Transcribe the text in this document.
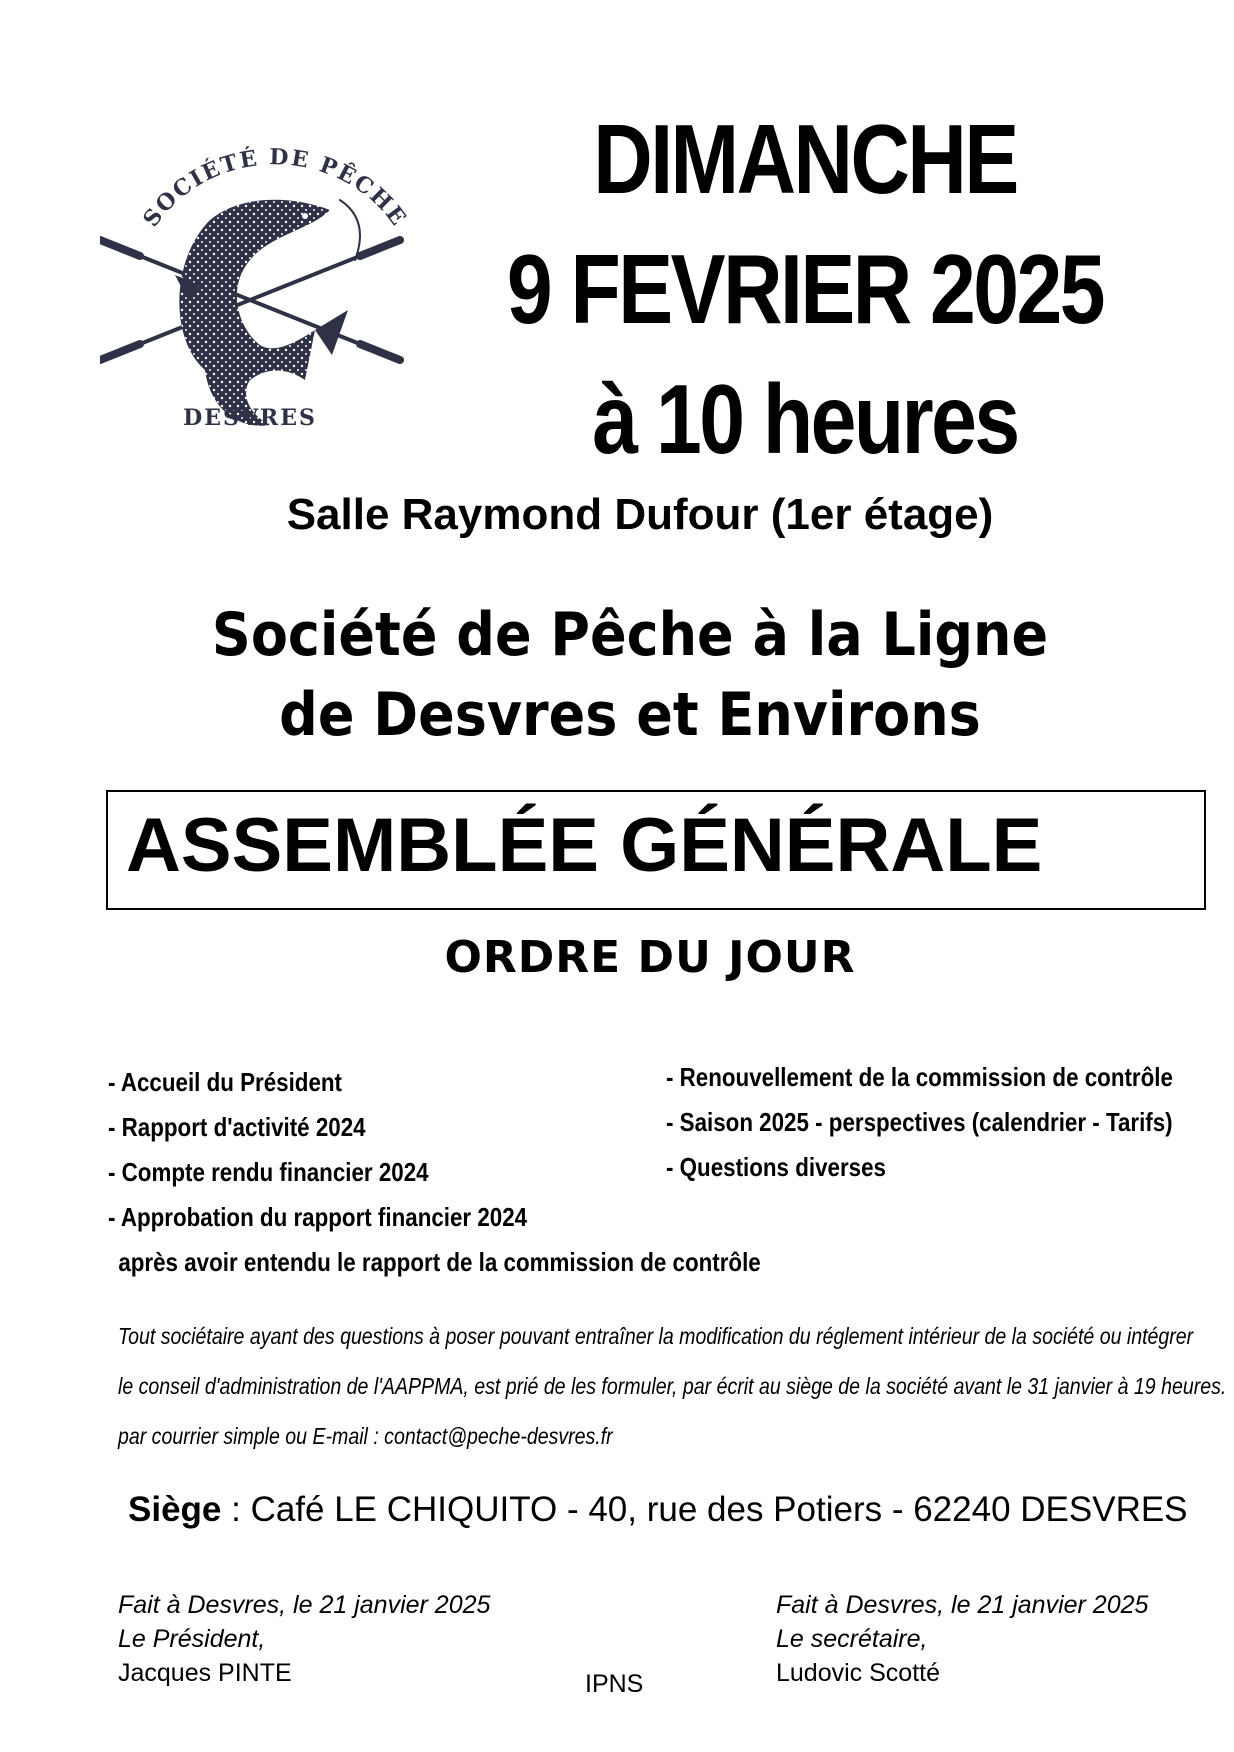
SOCIÉTÉ DE PÊCHE
DESVRES
DIMANCHE
9 FEVRIER 2025
à 10 heures
Salle Raymond Dufour (1er étage)
Société de Pêche à la Ligne
de Desvres et Environs
ASSEMBLÉE GÉNÉRALE
ORDRE DU JOUR
- Accueil du Président
- Rapport d'activité 2024
- Compte rendu financier 2024
- Approbation du rapport financier 2024
après avoir entendu le rapport de la commission de contrôle
- Renouvellement de la commission de contrôle
- Saison 2025 - perspectives (calendrier - Tarifs)
- Questions diverses
Tout sociétaire ayant des questions à poser pouvant entraîner la modification du réglement intérieur de la société ou intégrer
le conseil d'administration de l'AAPPMA, est prié de les formuler, par écrit au siège de la société avant le 31 janvier à 19 heures.
par courrier simple ou E-mail : contact@peche-desvres.fr
Siège : Café LE CHIQUITO - 40, rue des Potiers - 62240 DESVRES
Fait à Desvres, le 21 janvier 2025
Le Président,
Jacques PINTE
Fait à Desvres, le 21 janvier 2025
Le secrétaire,
Ludovic Scotté
IPNS
